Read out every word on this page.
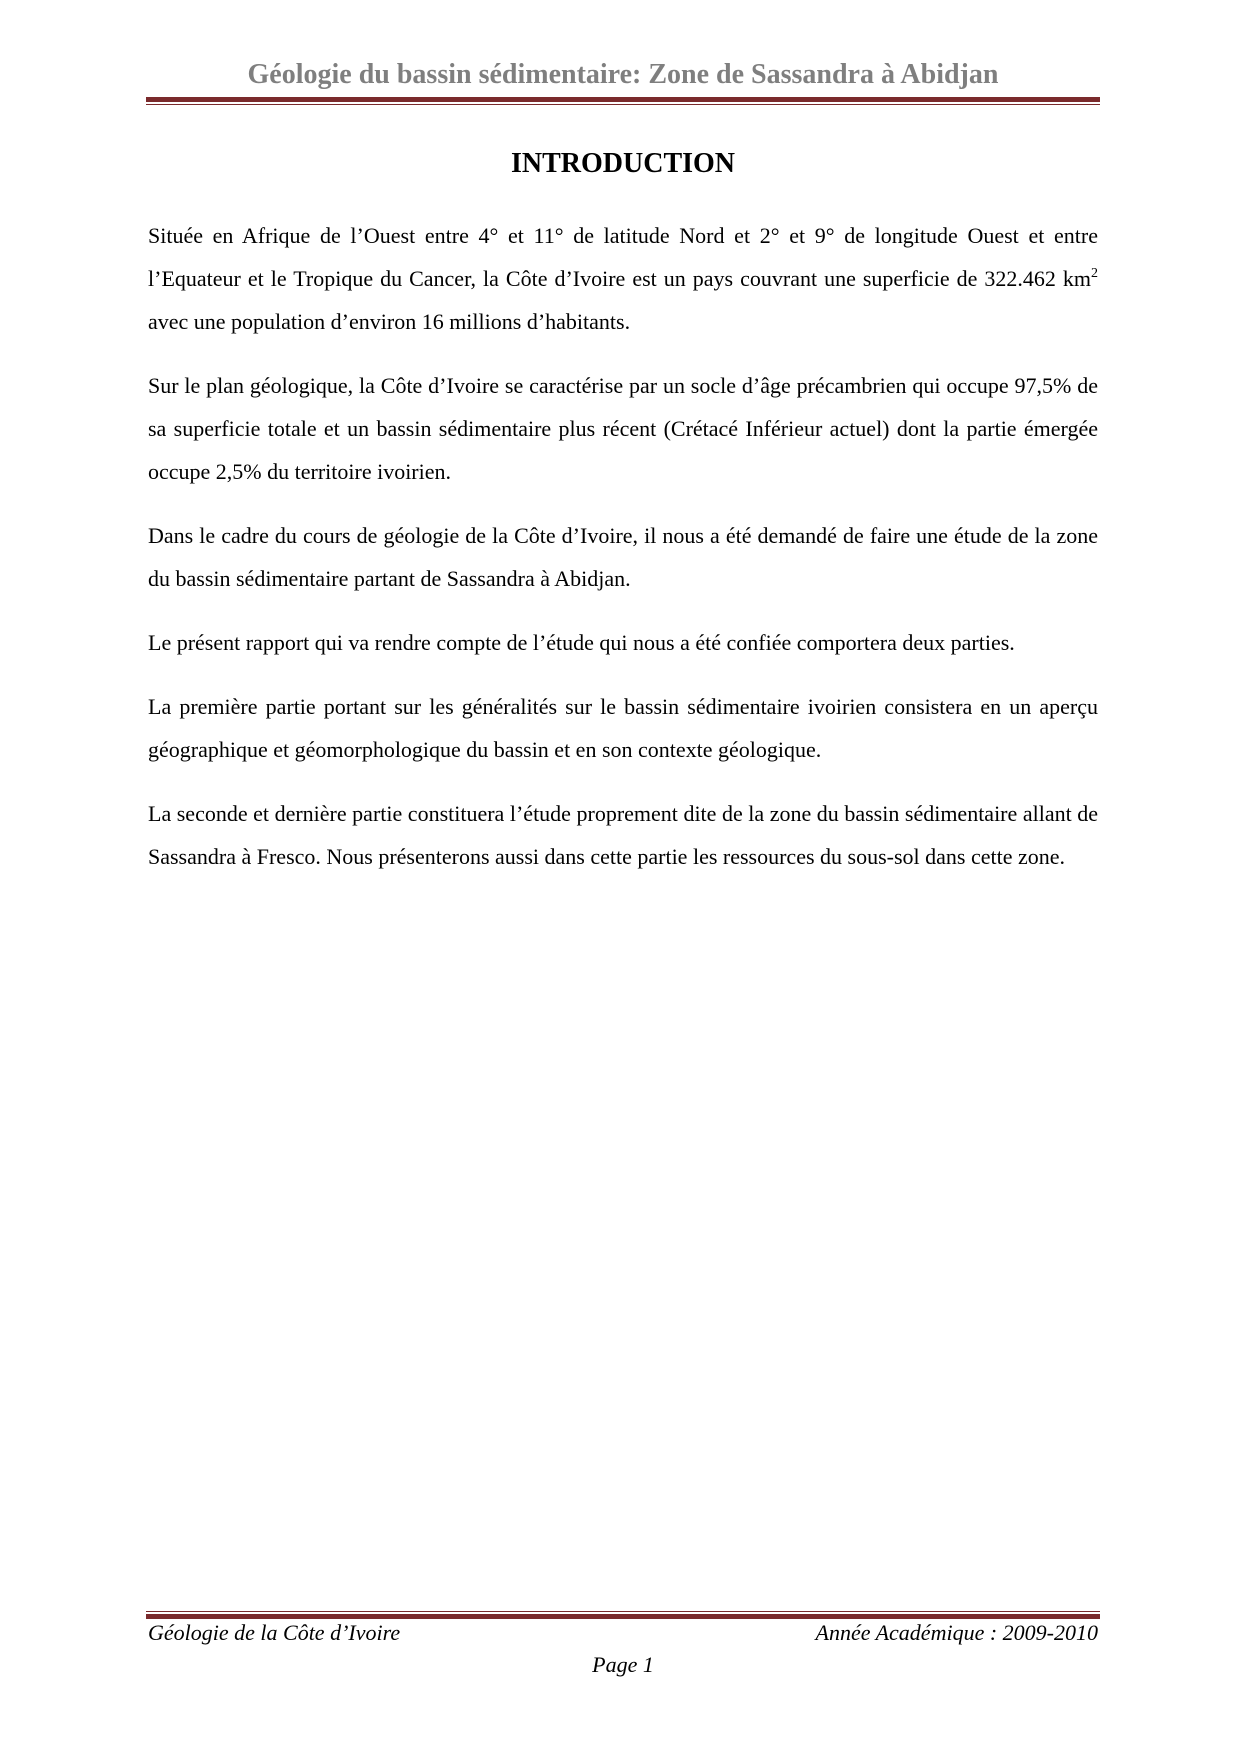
Géologie du bassin sédimentaire: Zone de Sassandra à Abidjan
INTRODUCTION

Située en Afrique de l’Ouest entre 4° et 11° de latitude Nord et 2° et 9° de longitude Ouest et entre l’Equateur et le Tropique du Cancer, la Côte d’Ivoire est un pays couvrant une superficie de 322.462 $km^2$ avec une population d’environ 16 millions d’habitants.

Sur le plan géologique, la Côte d’Ivoire se caractérise par un socle d’âge précambrien qui occupe 97,5% de sa superficie totale et un bassin sédimentaire plus récent (Crétacé Inférieur actuel) dont la partie émergée occupe 2,5% du territoire ivoirien.

Dans le cadre du cours de géologie de la Côte d’Ivoire, il nous a été demandé de faire une étude de la zone du bassin sédimentaire partant de Sassandra à Abidjan.

Le présent rapport qui va rendre compte de l’étude qui nous a été confiée comportera deux parties.

La première partie portant sur les généralités sur le bassin sédimentaire ivoirien consistera en un aperçu géographique et géomorphologique du bassin et en son contexte géologique.

La seconde et dernière partie constituera l’étude proprement dite de la zone du bassin sédimentaire allant de Sassandra à Fresco. Nous présenterons aussi dans cette partie les ressources du sous-sol dans cette zone.

Géologie de la Côte d’Ivoire	Année Académique : 2009-2010
Page 1
